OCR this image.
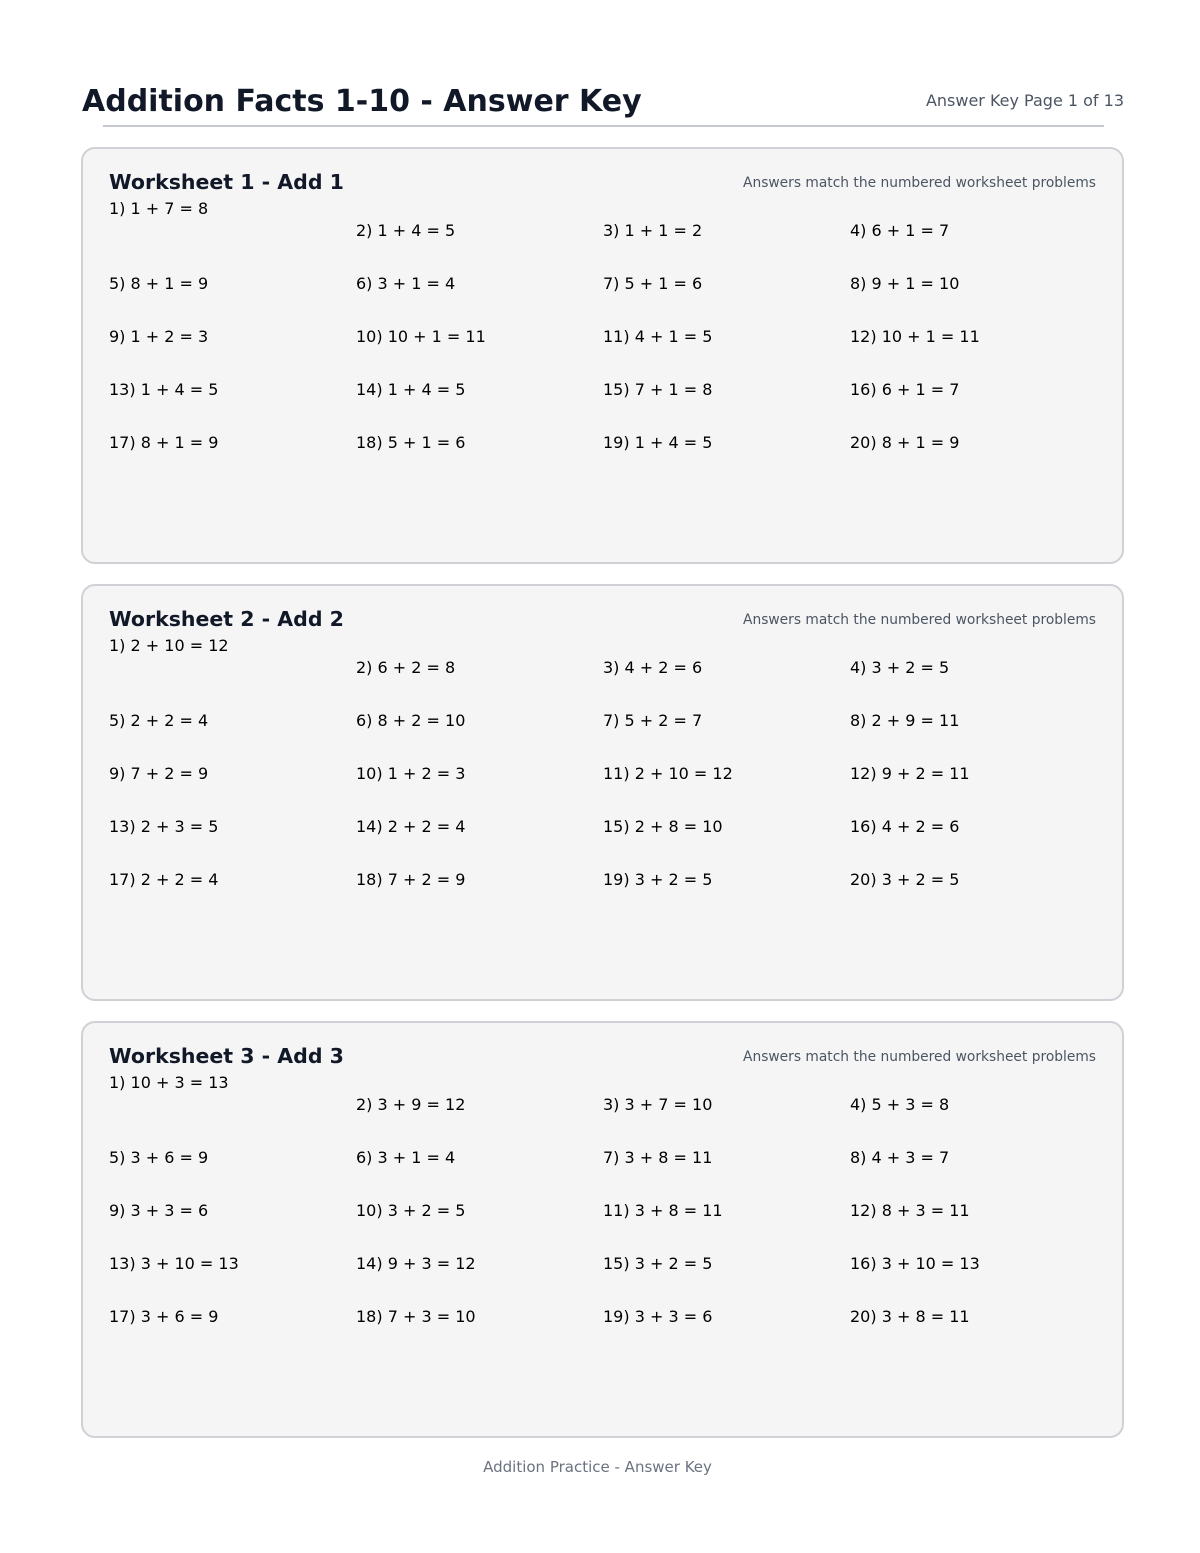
Addition Facts 1-10 - Answer Key	Answer Key Page 1 of 13
Worksheet 1 - Add 1	Answers match the numbered worksheet problems
1) 1 + 7 = 8
2) 1 + 4 = 5	3) 1 + 1 = 2	4) 6 + 1 = 7
5) 8 + 1 = 9	6) 3 + 1 = 4	7) 5 + 1 = 6	8) 9 + 1 = 10
9) 1 + 2 = 3	10) 10 + 1 = 11	11) 4 + 1 = 5	12) 10 + 1 = 11
13) 1 + 4 = 5	14) 1 + 4 = 5	15) 7 + 1 = 8	16) 6 + 1 = 7
17) 8 + 1 = 9	18) 5 + 1 = 6	19) 1 + 4 = 5	20) 8 + 1 = 9
Worksheet 2 - Add 2	Answers match the numbered worksheet problems
1) 2 + 10 = 12
2) 6 + 2 = 8	3) 4 + 2 = 6	4) 3 + 2 = 5
5) 2 + 2 = 4	6) 8 + 2 = 10	7) 5 + 2 = 7	8) 2 + 9 = 11
9) 7 + 2 = 9	10) 1 + 2 = 3	11) 2 + 10 = 12	12) 9 + 2 = 11
13) 2 + 3 = 5	14) 2 + 2 = 4	15) 2 + 8 = 10	16) 4 + 2 = 6
17) 2 + 2 = 4	18) 7 + 2 = 9	19) 3 + 2 = 5	20) 3 + 2 = 5
Worksheet 3 - Add 3	Answers match the numbered worksheet problems
1) 10 + 3 = 13
2) 3 + 9 = 12	3) 3 + 7 = 10	4) 5 + 3 = 8
5) 3 + 6 = 9	6) 3 + 1 = 4	7) 3 + 8 = 11	8) 4 + 3 = 7
9) 3 + 3 = 6	10) 3 + 2 = 5	11) 3 + 8 = 11	12) 8 + 3 = 11
13) 3 + 10 = 13	14) 9 + 3 = 12	15) 3 + 2 = 5	16) 3 + 10 = 13
17) 3 + 6 = 9	18) 7 + 3 = 10	19) 3 + 3 = 6	20) 3 + 8 = 11
Addition Practice - Answer Key
